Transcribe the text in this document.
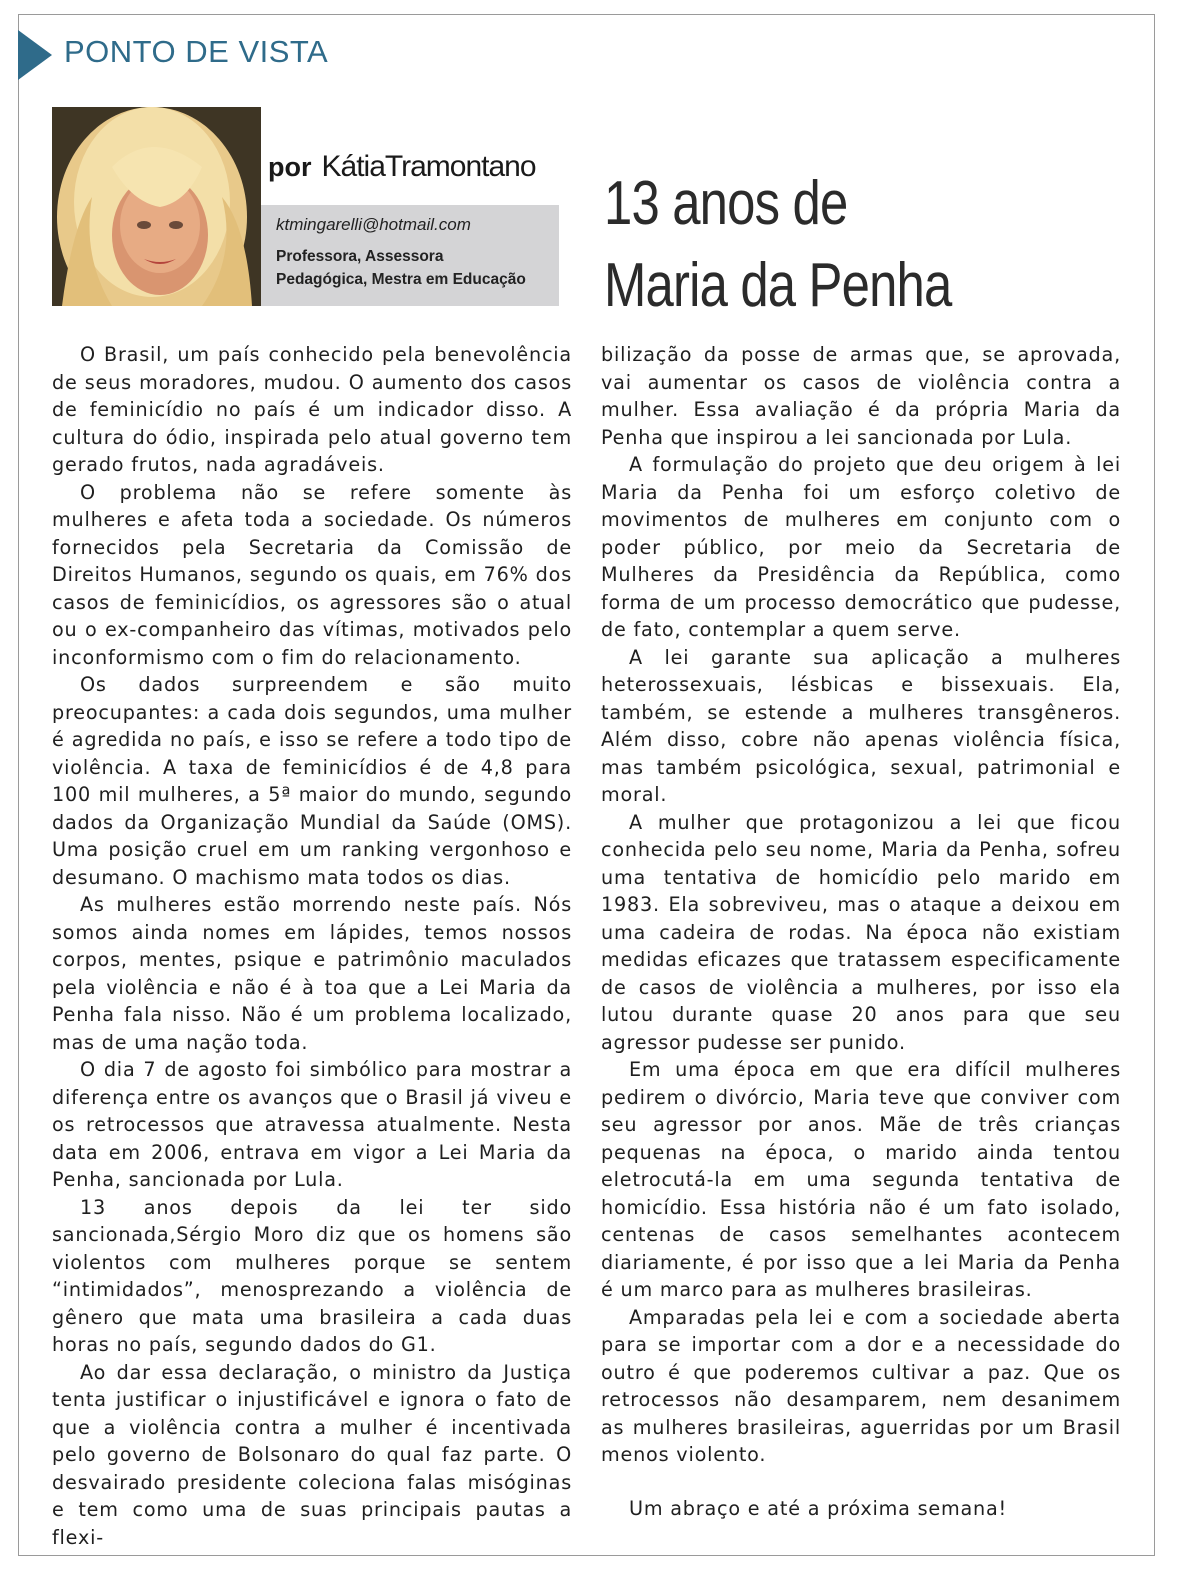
PONTO DE VISTA
por KátiaTramontano
ktmingarelli@hotmail.com
Professora, Assessora
Pedagógica, Mestra em Educação
13 anos de
Maria da Penha

O Brasil, um país conhecido pela benevolência de seus moradores, mudou. O aumento dos casos de feminicídio no país é um indicador disso. A cultura do ódio, inspirada pelo atual governo tem gerado frutos, nada agradáveis.

O problema não se refere somente às mulheres e afeta toda a sociedade. Os números fornecidos pela Secretaria da Comissão de Direitos Humanos, segundo os quais, em 76% dos casos de feminicídios, os agressores são o atual ou o ex-companheiro das vítimas, motivados pelo inconformismo com o fim do relacionamento.

Os dados surpreendem e são muito preocupantes: a cada dois segundos, uma mulher é agredida no país, e isso se refere a todo tipo de violência. A taxa de feminicídios é de 4,8 para 100 mil mulheres, a 5ª maior do mundo, segundo dados da Organização Mundial da Saúde (OMS). Uma posição cruel em um ranking vergonhoso e desumano. O machismo mata todos os dias.

As mulheres estão morrendo neste país. Nós somos ainda nomes em lápides, temos nossos corpos, mentes, psique e patrimônio maculados pela violência e não é à toa que a Lei Maria da Penha fala nisso. Não é um problema localizado, mas de uma nação toda.

O dia 7 de agosto foi simbólico para mostrar a diferença entre os avanços que o Brasil já viveu e os retrocessos que atravessa atualmente. Nesta data em 2006, entrava em vigor a Lei Maria da Penha, sancionada por Lula.

13 anos depois da lei ter sido sancionada,Sérgio Moro diz que os homens são violentos com mulheres porque se sentem “intimidados”, menosprezando a violência de gênero que mata uma brasileira a cada duas horas no país, segundo dados do G1.

Ao dar essa declaração, o ministro da Justiça tenta justificar o injustificável e ignora o fato de que a violência contra a mulher é incentivada pelo governo de Bolsonaro do qual faz parte. O desvairado presidente coleciona falas misóginas e tem como uma de suas principais pautas a flexi-

bilização da posse de armas que, se aprovada, vai aumentar os casos de violência contra a mulher. Essa avaliação é da própria Maria da Penha que inspirou a lei sancionada por Lula.

A formulação do projeto que deu origem à lei Maria da Penha foi um esforço coletivo de movimentos de mulheres em conjunto com o poder público, por meio da Secretaria de Mulheres da Presidência da República, como forma de um processo democrático que pudesse, de fato, contemplar a quem serve.

A lei garante sua aplicação a mulheres heterossexuais, lésbicas e bissexuais. Ela, também, se estende a mulheres transgêneros. Além disso, cobre não apenas violência física, mas também psicológica, sexual, patrimonial e moral.

A mulher que protagonizou a lei que ficou conhecida pelo seu nome, Maria da Penha, sofreu uma tentativa de homicídio pelo marido em 1983. Ela sobreviveu, mas o ataque a deixou em uma cadeira de rodas. Na época não existiam medidas eficazes que tratassem especificamente de casos de violência a mulheres, por isso ela lutou durante quase 20 anos para que seu agressor pudesse ser punido.

Em uma época em que era difícil mulheres pedirem o divórcio, Maria teve que conviver com seu agressor por anos. Mãe de três crianças pequenas na época, o marido ainda tentou eletrocutá-la em uma segunda tentativa de homicídio. Essa história não é um fato isolado, centenas de casos semelhantes acontecem diariamente, é por isso que a lei Maria da Penha é um marco para as mulheres brasileiras.

Amparadas pela lei e com a sociedade aberta para se importar com a dor e a necessidade do outro é que poderemos cultivar a paz. Que os retrocessos não desamparem, nem desanimem as mulheres brasileiras, aguerridas por um Brasil menos violento.

Um abraço e até a próxima semana!
